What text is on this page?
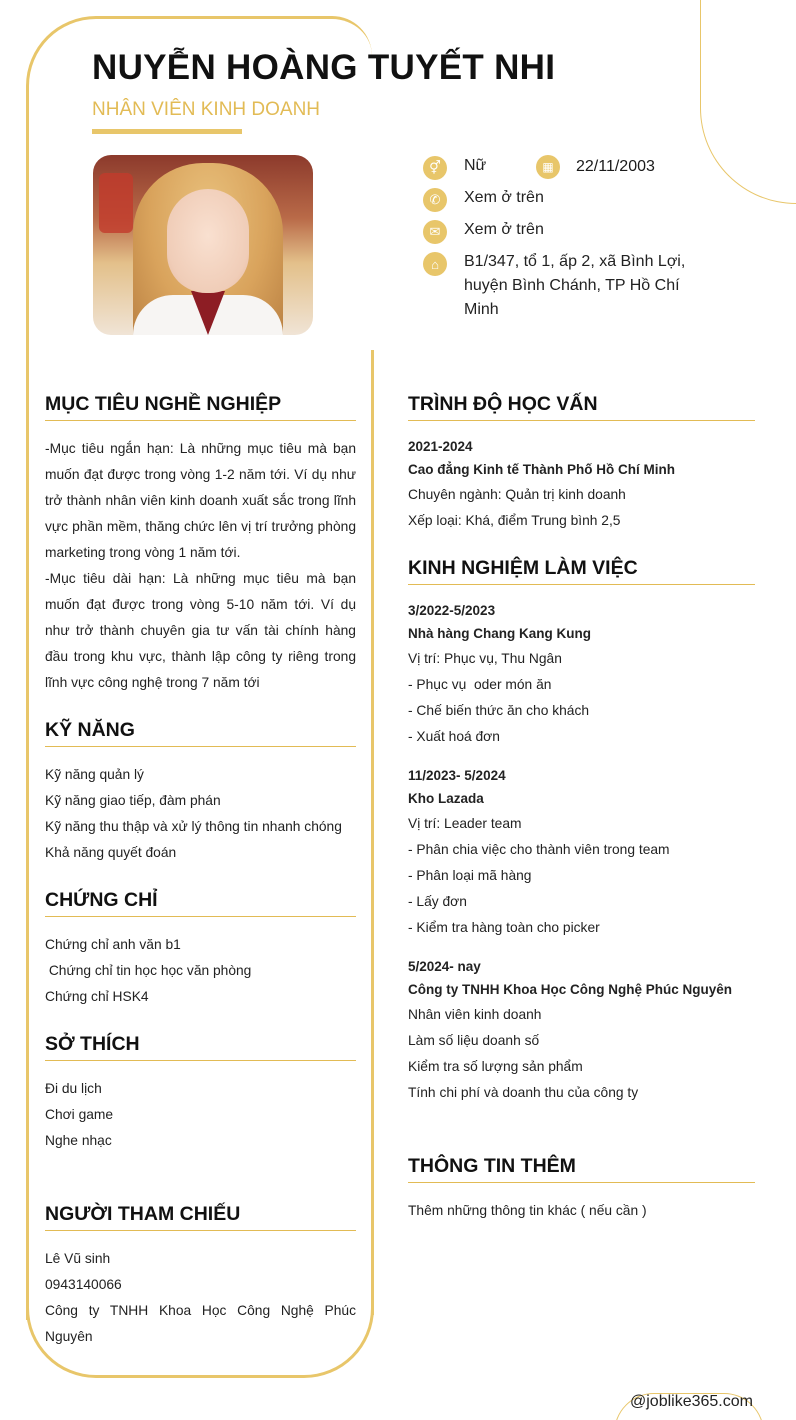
NUYỄN HOÀNG TUYẾT NHI
NHÂN VIÊN KINH DOANH
⚥	Nữ	▦	22/11/2003
✆	Xem ở trên
✉	Xem ở trên
⌂	B1/347, tổ 1, ấp 2, xã Bình Lợi, huyện Bình Chánh, TP Hồ Chí Minh
MỤC TIÊU NGHỀ NGHIỆP
-Mục tiêu ngắn hạn: Là những mục tiêu mà bạn muốn đạt được trong vòng 1-2 năm tới. Ví dụ như trở thành nhân viên kinh doanh xuất sắc trong lĩnh vực phần mềm, thăng chức lên vị trí trưởng phòng marketing trong vòng 1 năm tới.
-Mục tiêu dài hạn: Là những mục tiêu mà bạn muốn đạt được trong vòng 5-10 năm tới. Ví dụ như trở thành chuyên gia tư vấn tài chính hàng đầu trong khu vực, thành lập công ty riêng trong lĩnh vực công nghệ trong 7 năm tới
KỸ NĂNG
Kỹ năng quản lý
Kỹ năng giao tiếp, đàm phán
Kỹ năng thu thập và xử lý thông tin nhanh chóng
Khả năng quyết đoán
CHỨNG CHỈ
Chứng chỉ anh văn b1
Chứng chỉ tin học học văn phòng
Chứng chỉ HSK4
SỞ THÍCH
Đi du lịch
Chơi game
Nghe nhạc
NGƯỜI THAM CHIẾU
Lê Vũ sinh
0943140066
Công ty TNHH Khoa Học Công Nghệ Phúc Nguyên
TRÌNH ĐỘ HỌC VẤN
2021-2024
Cao đẳng Kinh tế Thành Phố Hồ Chí Minh
Chuyên ngành: Quản trị kinh doanh
Xếp loại: Khá, điểm Trung bình 2,5
KINH NGHIỆM LÀM VIỆC
3/2022-5/2023
Nhà hàng Chang Kang Kung
Vị trí: Phục vụ, Thu Ngân
- Phục vụ  oder món ăn
- Chế biến thức ăn cho khách
- Xuất hoá đơn
11/2023- 5/2024
Kho Lazada
Vị trí: Leader team
- Phân chia việc cho thành viên trong team
- Phân loại mã hàng
- Lấy đơn
- Kiểm tra hàng toàn cho picker
5/2024- nay
Công ty TNHH Khoa Học Công Nghệ Phúc Nguyên
Nhân viên kinh doanh
Làm số liệu doanh số
Kiểm tra số lượng sản phẩm
Tính chi phí và doanh thu của công ty
THÔNG TIN THÊM
Thêm những thông tin khác ( nếu cần )
@joblike365.com
